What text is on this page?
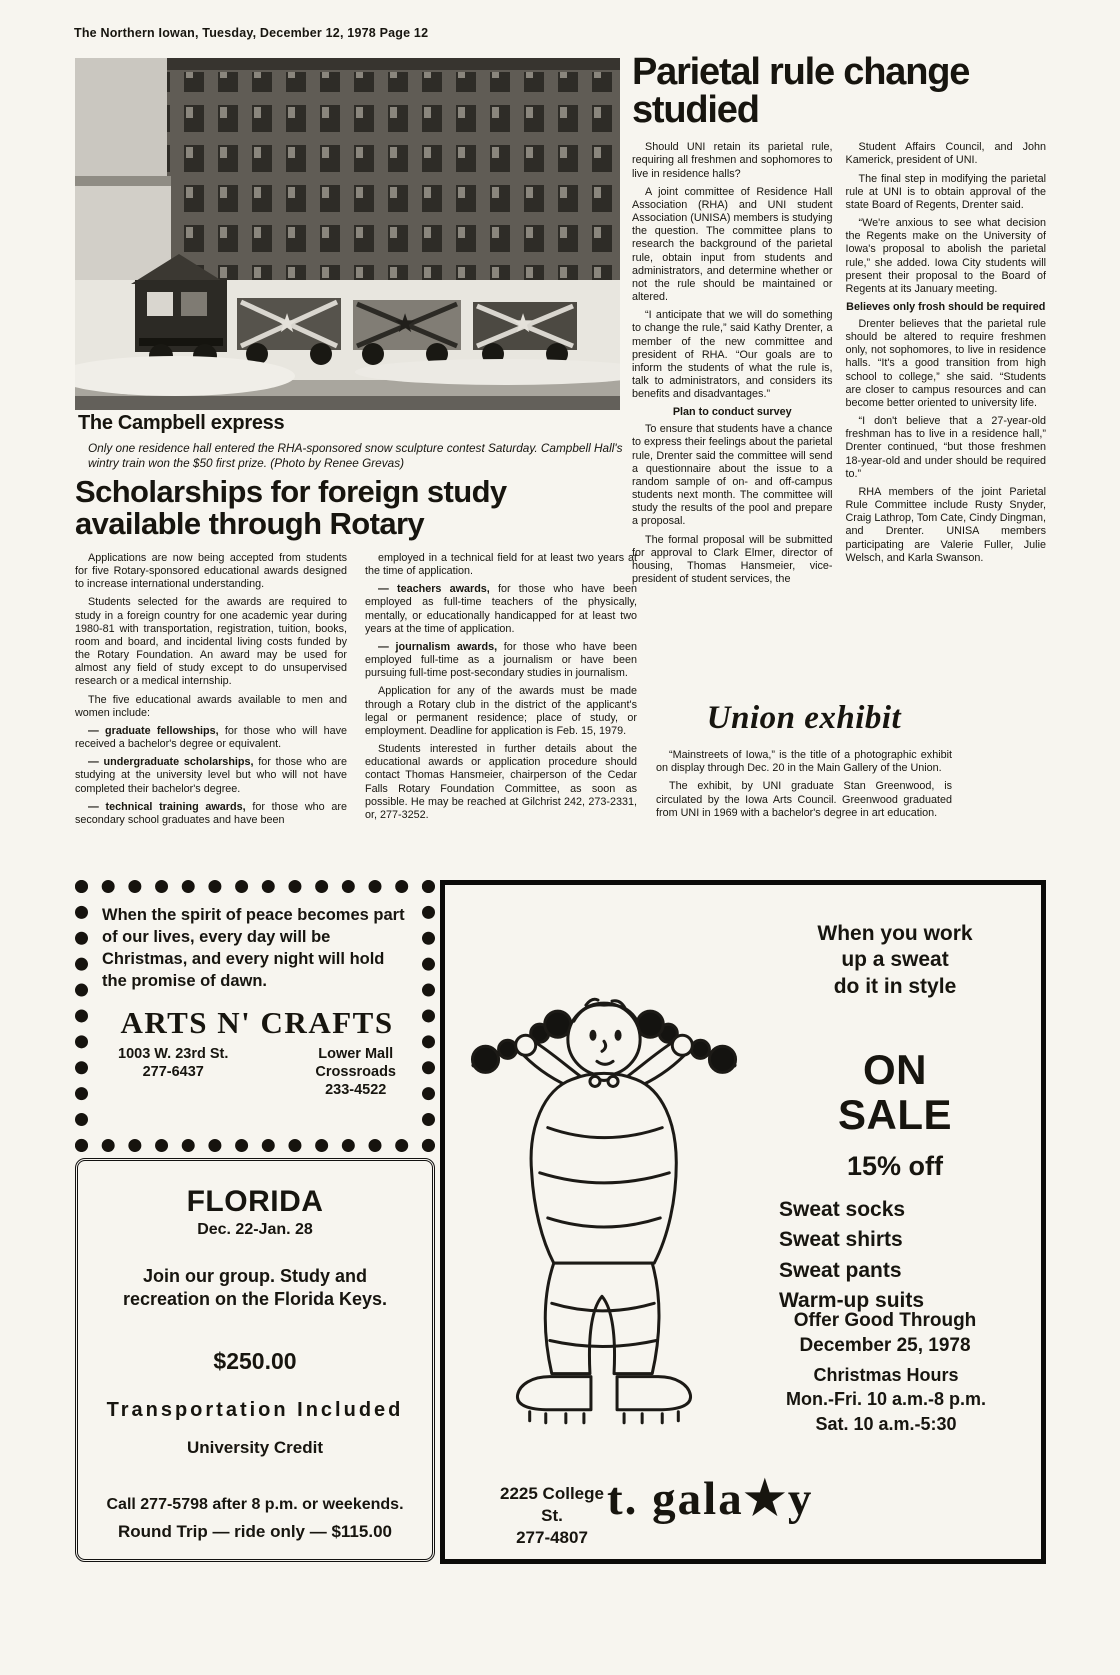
The Northern Iowan, Tuesday, December 12, 1978 Page 12
★	★	★
The Campbell express

Only one residence hall entered the RHA-sponsored snow sculpture contest Saturday. Campbell Hall's wintry train won the $50 first prize. (Photo by Renee Grevas)

Parietal rule change studied

Should UNI retain its parietal rule, requiring all freshmen and sophomores to live in residence halls?

A joint committee of Residence Hall Association (RHA) and UNI student Association (UNISA) members is studying the question. The committee plans to research the background of the parietal rule, obtain input from students and administrators, and determine whether or not the rule should be maintained or altered.

“I anticipate that we will do something to change the rule,” said Kathy Drenter, a member of the new committee and president of RHA. “Our goals are to inform the students of what the rule is, talk to administrators, and considers its benefits and disadvantages.”

Plan to conduct survey

To ensure that students have a chance to express their feelings about the parietal rule, Drenter said the committee will send a questionnaire about the issue to a random sample of on- and off-campus students next month. The committee will study the results of the pool and prepare a proposal.

The formal proposal will be submitted for approval to Clark Elmer, director of housing, Thomas Hansmeier, vice-president of student services, the

Student Affairs Council, and John Kamerick, president of UNI.

The final step in modifying the parietal rule at UNI is to obtain approval of the state Board of Regents, Drenter said.

“We're anxious to see what decision the Regents make on the University of Iowa's proposal to abolish the parietal rule,” she added. Iowa City students will present their proposal to the Board of Regents at its January meeting.

Believes only frosh should be required

Drenter believes that the parietal rule should be altered to require freshmen only, not sophomores, to live in residence halls. “It's a good transition from high school to college,” she said. “Students are closer to campus resources and can become better oriented to university life.

“I don't believe that a 27-year-old freshman has to live in a residence hall,” Drenter continued, “but those freshmen 18-year-old and under should be required to.”

RHA members of the joint Parietal Rule Committee include Rusty Snyder, Craig Lathrop, Tom Cate, Cindy Dingman, and Drenter. UNISA members participating are Valerie Fuller, Julie Welsch, and Karla Swanson.

Scholarships for foreign study available through Rotary

Applications are now being accepted from students for five Rotary-sponsored educational awards designed to increase international understanding.

Students selected for the awards are required to study in a foreign country for one academic year during 1980-81 with transportation, registration, tuition, books, room and board, and incidental living costs funded by the Rotary Foundation. An award may be used for almost any field of study except to do unsupervised research or a medical internship.

The five educational awards available to men and women include:

— graduate fellowships, for those who will have received a bachelor's degree or equivalent.

— undergraduate scholarships, for those who are studying at the university level but who will not have completed their bachelor's degree.

— technical training awards, for those who are secondary school graduates and have been

employed in a technical field for at least two years at the time of application.

— teachers awards, for those who have been employed as full-time teachers of the physically, mentally, or educationally handicapped for at least two years at the time of application.

— journalism awards, for those who have been employed full-time as a journalism or have been pursuing full-time post-secondary studies in journalism.

Application for any of the awards must be made through a Rotary club in the district of the applicant's legal or permanent residence; place of study, or employment. Deadline for application is Feb. 15, 1979.

Students interested in further details about the educational awards or application procedure should contact Thomas Hansmeier, chairperson of the Cedar Falls Rotary Foundation Committee, as soon as possible. He may be reached at Gilchrist 242, 273-2331, or, 277-3252.

Union exhibit

“Mainstreets of Iowa,” is the title of a photographic exhibit on display through Dec. 20 in the Main Gallery of the Union.

The exhibit, by UNI graduate Stan Greenwood, is circulated by the Iowa Arts Council. Greenwood graduated from UNI in 1969 with a bachelor's degree in art education.

When the spirit of peace becomes part of our lives, every day will be Christmas, and every night will hold the promise of dawn.

ARTS N' CRAFTS
1003 W. 23rd St.
277-6437
Lower Mall
Crossroads
233-4522
FLORIDA
Dec. 22-Jan. 28
Join our group. Study and recreation on the Florida Keys.
$250.00
Transportation Included
University Credit
Call 277-5798 after 8 p.m. or weekends.
Round Trip — ride only — $115.00
When you work
up a sweat
do it in style
ON
SALE
15% off
Sweat socks
Sweat shirts
Sweat pants
Warm-up suits
Offer Good Through
December 25, 1978
Christmas Hours
Mon.-Fri. 10 a.m.-8 p.m.
Sat. 10 a.m.-5:30
2225 College St.
277-4807
t. gala★y
